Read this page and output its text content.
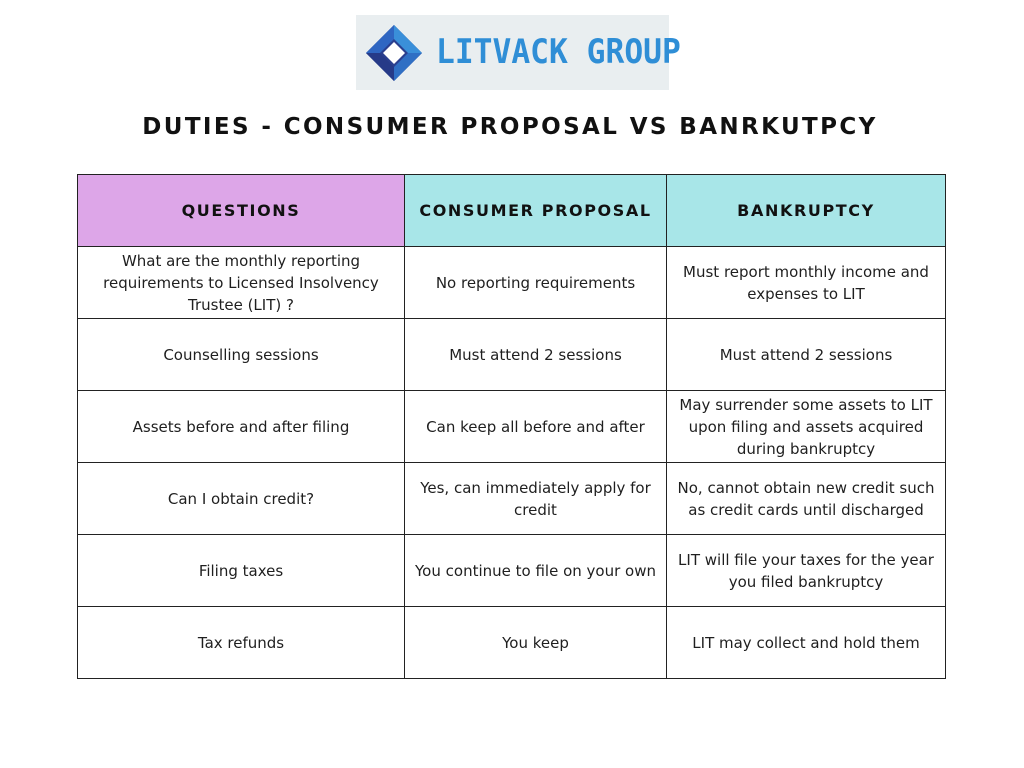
LITVACK GROUP
DUTIES - CONSUMER PROPOSAL VS BANRKUTPCY
QUESTIONS	CONSUMER PROPOSAL	BANKRUPTCY
What are the monthly reporting requirements to Licensed Insolvency Trustee (LIT) ?	No reporting requirements	Must report monthly income and expenses to LIT
Counselling sessions	Must attend 2 sessions	Must attend 2 sessions
Assets before and after filing	Can keep all before and after	May surrender some assets to LIT upon filing and assets acquired during bankruptcy
Can I obtain credit?	Yes, can immediately apply for credit	No, cannot obtain new credit such as credit cards until discharged
Filing taxes	You continue to file on your own	LIT will file your taxes for the year you filed bankruptcy
Tax refunds	You keep	LIT may collect and hold them
